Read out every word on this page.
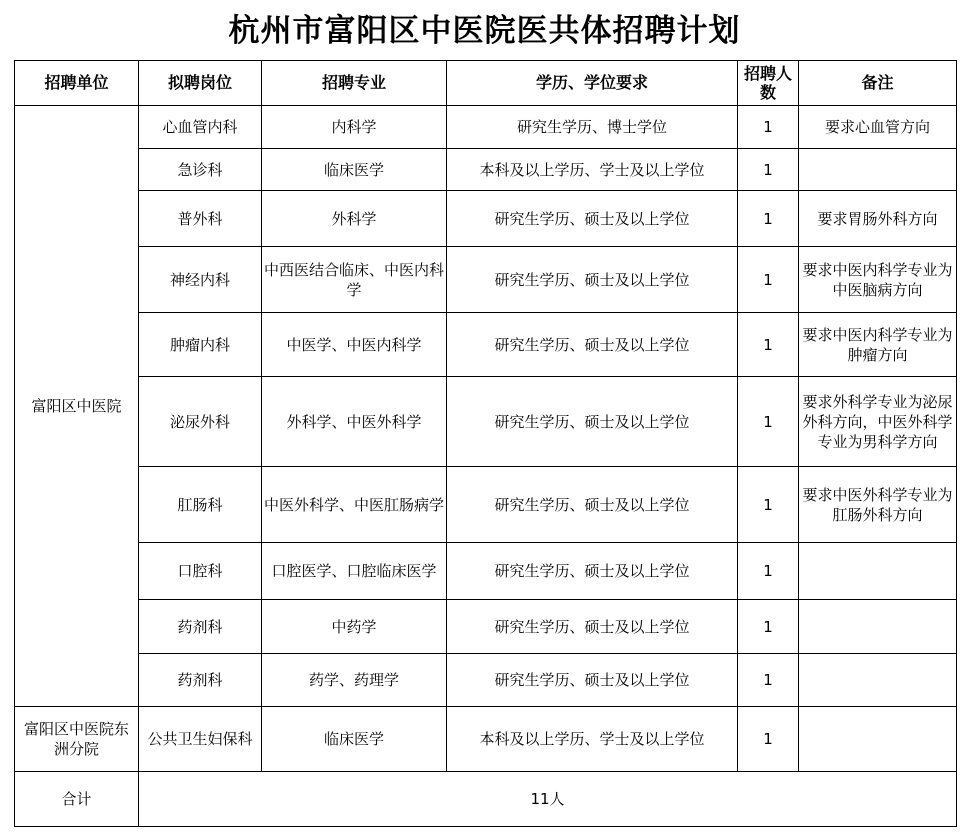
杭州市富阳区中医院医共体招聘计划
招聘单位	拟聘岗位	招聘专业	学历、学位要求	招聘人数	备注
富阳区中医院	心血管内科	内科学	研究生学历、博士学位	1	要求心血管方向
	急诊科	临床医学	本科及以上学历、学士及以上学位	1	
	普外科	外科学	研究生学历、硕士及以上学位	1	要求胃肠外科方向
	神经内科	中西医结合临床、中医内科学	研究生学历、硕士及以上学位	1	要求中医内科学专业为中医脑病方向
	肿瘤内科	中医学、中医内科学	研究生学历、硕士及以上学位	1	要求中医内科学专业为肿瘤方向
	泌尿外科	外科学、中医外科学	研究生学历、硕士及以上学位	1	要求外科学专业为泌尿外科方向，中医外科学专业为男科学方向
	肛肠科	中医外科学、中医肛肠病学	研究生学历、硕士及以上学位	1	要求中医外科学专业为肛肠外科方向
	口腔科	口腔医学、口腔临床医学	研究生学历、硕士及以上学位	1	
	药剂科	中药学	研究生学历、硕士及以上学位	1	
	药剂科	药学、药理学	研究生学历、硕士及以上学位	1	
富阳区中医院东洲分院	公共卫生妇保科	临床医学	本科及以上学历、学士及以上学位	1	
合计	11人				
